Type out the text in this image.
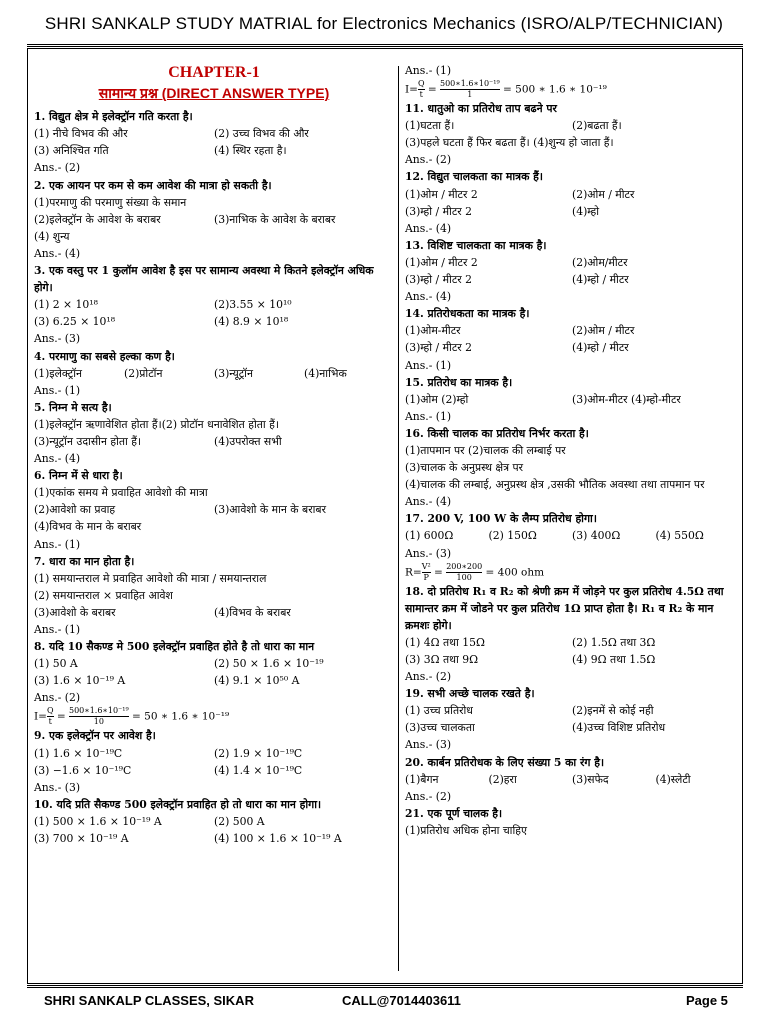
SHRI SANKALP STUDY MATRIAL for Electronics Mechanics (ISRO/ALP/TECHNICIAN)
CHAPTER-1
सामान्य प्रश्न (DIRECT ANSWER TYPE)
1. विद्युत क्षेत्र मे इलेक्ट्रॉन गति करता है।
(1) नीचे विभव की और	(2) उच्च विभव की और
(3) अनिश्चित गति	(4) स्थिर रहता है।
Ans.- (2)
2. एक आयन पर कम से कम आवेश की मात्रा हो सकती है।
(1)परमाणु की परमाणु संख्या के समान
(2)इलेक्ट्रॉन के आवेश के बराबर	(3)नाभिक के आवेश के बराबर
(4) शुन्य
Ans.- (4)
3. एक वस्तु पर 1 कुलॉम आवेश है इस पर सामान्य अवस्था मे कितने इलेक्ट्रॉन अधिक होगे।
(1) 2 × 10¹⁸	(2)3.55 × 10¹⁰
(3) 6.25 × 10¹⁸	(4) 8.9 × 10¹⁸
Ans.- (3)
4. परमाणु का सबसे हल्का कण है।
(1)इलेक्ट्रॉन	(2)प्रोटॉन	(3)न्यूट्रॉन	(4)नाभिक
Ans.- (1)
5. निम्न मे सत्य है।
(1)इलेक्ट्रॉन ऋणावेशित होता हैं।(2) प्रोटॉन धनावेशित होता हैं।
(3)न्यूट्रॉन उदासीन होता हैं।	(4)उपरोक्त सभी
Ans.- (4)
6. निम्न में से धारा है।
(1)एकांक समय मे प्रवाहित आवेशो की मात्रा
(2)आवेशो का प्रवाह	(3)आवेशो के मान के बराबर
(4)विभव के मान के बराबर
Ans.- (1)
7. धारा का मान होता है।
(1) समयान्तराल मे प्रवाहित आवेशो की मात्रा / समयान्तराल
(2) समयान्तराल × प्रवाहित आवेश
(3)आवेशो के बराबर	(4)विभव के बराबर
Ans.- (1)
8. यदि 10 सैकण्ड मे 500 इलेक्ट्रॉन प्रवाहित होते है तो धारा का मान
(1) 50 A	(2) 50 × 1.6 × 10⁻¹⁹
(3) 1.6 × 10⁻¹⁹ A	(4) 9.1 × 10⁵⁰ A
Ans.- (2)
$I= \frac{Q}{t} = \frac{\text{500∗1.6∗10⁻¹⁹}}{10} = 50$ ∗ 1.6 ∗ 10⁻¹⁹
9. एक इलेक्ट्रॉन पर आवेश है।
(1) 1.6 × 10⁻¹⁹C	(2) 1.9 × 10⁻¹⁹C
(3) −1.6 × 10⁻¹⁹C	(4) 1.4 × 10⁻¹⁹C
Ans.- (3)
10. यदि प्रति सैकण्ड 500 इलेक्ट्रॉन प्रवाहित हो तो धारा का मान होगा।
(1) 500 × 1.6 × 10⁻¹⁹ A	(2) 500 A
(3) 700 × 10⁻¹⁹ A	(4) 100 × 1.6 × 10⁻¹⁹ A
Ans.- (1)
$I= \frac{Q}{t} = \frac{\text{500∗1.6∗10⁻¹⁹}}{1} = 500$ ∗ 1.6 ∗ 10⁻¹⁹
11. धातुओ का प्रतिरोध ताप बढने पर
(1)घटता हैं।	(2)बढता हैं।
(3)पहले घटता हैं फिर बढता हैं। (4)शुन्य हो जाता हैं।
Ans.- (2)
12. विद्युत चालकता का मात्रक हैं।
(1)ओम / मीटर 2	(2)ओम / मीटर
(3)म्हो / मीटर 2	(4)म्हो
Ans.- (4)
13. विशिष्ट चालकता का मात्रक है।
(1)ओम / मीटर 2	(2)ओम/मीटर
(3)म्हो / मीटर 2	(4)म्हो / मीटर
Ans.- (4)
14. प्रतिरोधकता का मात्रक है।
(1)ओम-मीटर	(2)ओम / मीटर
(3)म्हो / मीटर 2	(4)म्हो / मीटर
Ans.- (1)
15. प्रतिरोध का मात्रक है।
(1)ओम (2)म्हो	(3)ओम-मीटर (4)म्हो-मीटर
Ans.- (1)
16. किसी चालक का प्रतिरोध निर्भर करता है।
(1)तापमान पर (2)चालक की लम्बाई पर
(3)चालक के अनुप्रस्थ क्षेत्र पर
(4)चालक की लम्बाई, अनुप्रस्थ क्षेत्र ,उसकी भौतिक अवस्था तथा तापमान पर
Ans.- (4)
17. 200 V, 100 W के लैम्प प्रतिरोध होगा।
(1) 600Ω	(2) 150Ω	(3) 400Ω	(4) 550Ω
Ans.- (3)
$R= \frac{\text{V²}}{P} = \frac{200∗200}{100} = 400$ ohm
18. दो प्रतिरोध R₁ व R₂ को श्रेणी क्रम में जोड़ने पर कुल प्रतिरोध 4.5Ω तथा सामान्तर क्रम में जोडने पर कुल प्रतिरोध 1Ω प्राप्त होता है। R₁ व R₂ के मान क्रमशः होगे।
(1) 4Ω तथा 15Ω	(2) 1.5Ω तथा 3Ω
(3) 3Ω तथा 9Ω	(4) 9Ω तथा 1.5Ω
Ans.- (2)
19. सभी अच्छे चालक रखते है।
(1) उच्च प्रतिरोध	(2)इनमें से कोई नही
(3)उच्च चालकता	(4)उच्च विशिष्ट प्रतिरोध
Ans.- (3)
20. कार्बन प्रतिरोधक के लिए संख्या 5 का रंग है।
(1)बैगन	(2)हरा	(3)सफेद	(4)स्लेटी
Ans.- (2)
21. एक पूर्ण चालक है।
(1)प्रतिरोध अधिक होना चाहिए
SHRI SANKALP CLASSES, SIKAR	CALL@7014403611	Page 5
